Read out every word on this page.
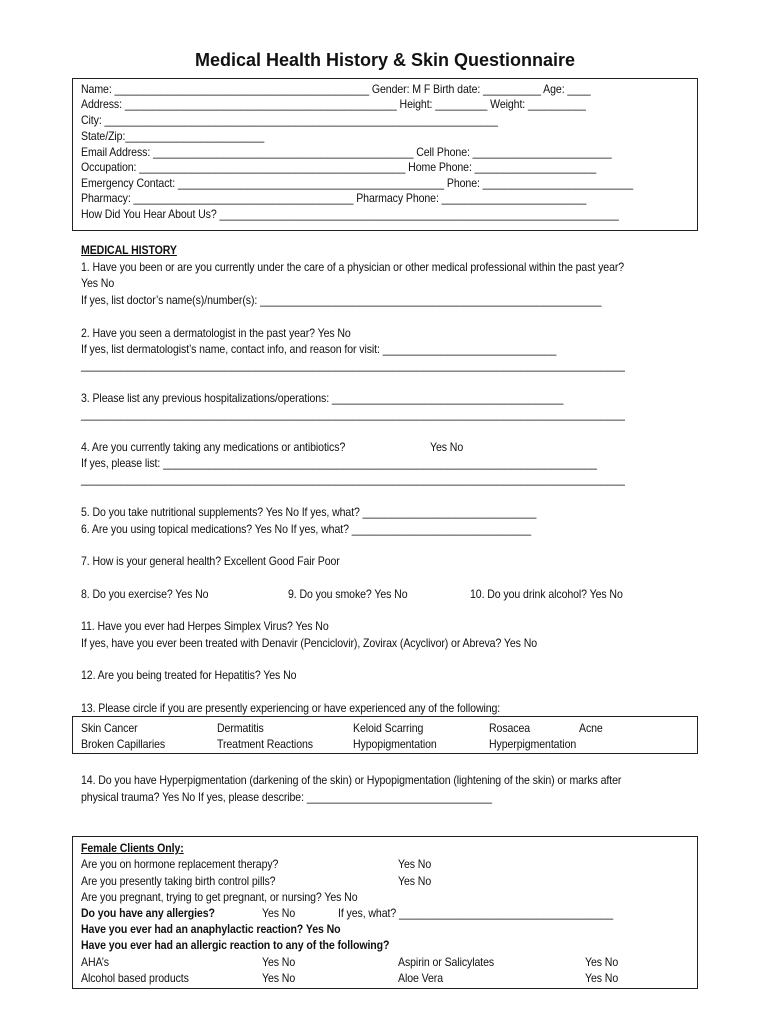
Medical Health History & Skin Questionnaire
Name: ____________________________________________ Gender: M F Birth date: __________ Age: ____
Address: _______________________________________________ Height: _________ Weight: __________
City: ____________________________________________________________________
State/Zip:________________________
Email Address: _____________________________________________ Cell Phone: ________________________
Occupation: ______________________________________________ Home Phone: _____________________
Emergency Contact: ______________________________________________ Phone: __________________________
Pharmacy: ______________________________________ Pharmacy Phone: _________________________
How Did You Hear About Us? _____________________________________________________________________
MEDICAL HISTORY
1. Have you been or are you currently under the care of a physician or other medical professional within the past year?
Yes No
If yes, list doctor’s name(s)/number(s): ___________________________________________________________
2. Have you seen a dermatologist in the past year? Yes No
If yes, list dermatologist’s name, contact info, and reason for visit: ______________________________
______________________________________________________________________________________________
3. Please list any previous hospitalizations/operations: ________________________________________
______________________________________________________________________________________________
4. Are you currently taking any medications or antibiotics?	Yes No
If yes, please list: ___________________________________________________________________________
______________________________________________________________________________________________
5. Do you take nutritional supplements? Yes No If yes, what? ______________________________
6. Are you using topical medications? Yes No If yes, what? _______________________________
7. How is your general health? Excellent Good Fair Poor
8. Do you exercise? Yes No	9. Do you smoke? Yes No	10. Do you drink alcohol? Yes No
11. Have you ever had Herpes Simplex Virus? Yes No
If yes, have you ever been treated with Denavir (Penciclovir), Zovirax (Acyclivor) or Abreva? Yes No
12. Are you being treated for Hepatitis? Yes No
13. Please circle if you are presently experiencing or have experienced any of the following:
Skin Cancer	Dermatitis	Keloid Scarring	Rosacea	Acne
Broken Capillaries	Treatment Reactions	Hypopigmentation	Hyperpigmentation
14. Do you have Hyperpigmentation (darkening of the skin) or Hypopigmentation (lightening of the skin) or marks after
physical trauma? Yes No If yes, please describe: ________________________________
Female Clients Only:
Are you on hormone replacement therapy?	Yes No
Are you presently taking birth control pills?	Yes No
Are you pregnant, trying to get pregnant, or nursing? Yes No
Do you have any allergies?	Yes No	If yes, what? _____________________________________
Have you ever had an anaphylactic reaction? Yes No
Have you ever had an allergic reaction to any of the following?
AHA’s	Yes No	Aspirin or Salicylates	Yes No
Alcohol based products	Yes No	Aloe Vera	Yes No
